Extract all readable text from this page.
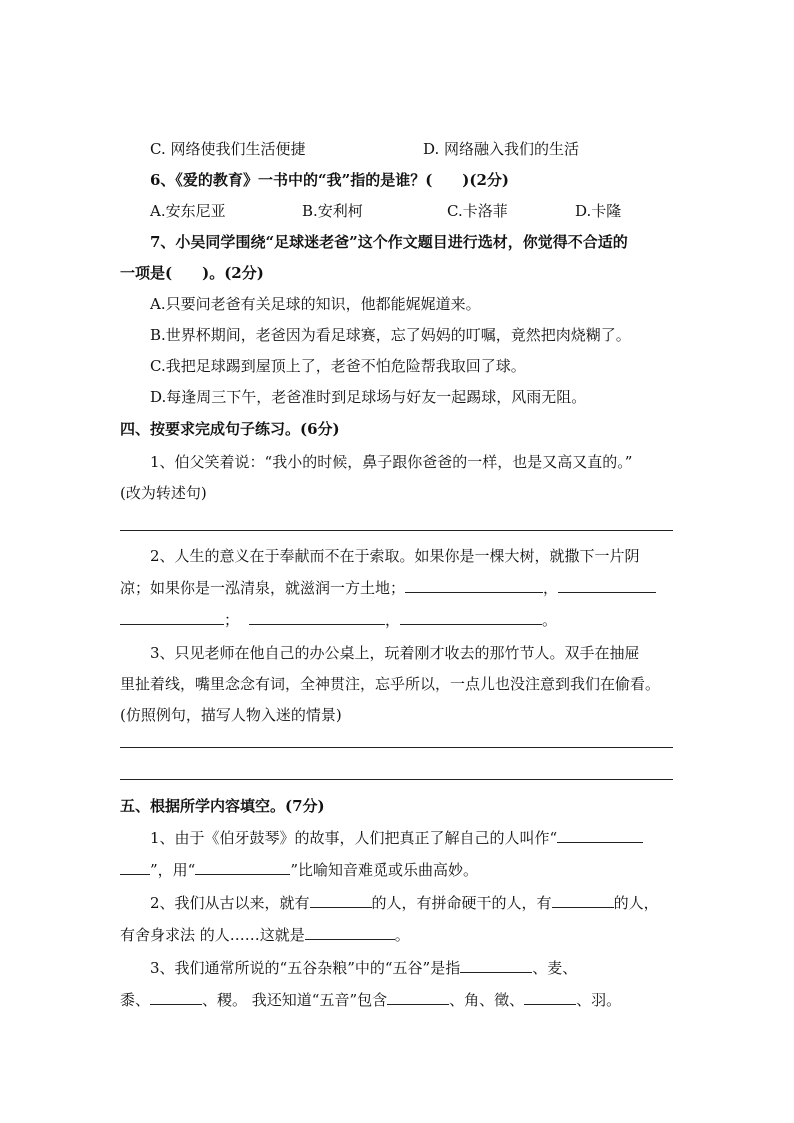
C. 网络使我们生活便捷	D. 网络融入我们的生活
6、《爱的教育》一书中的“我”指的是谁？(　　)(2分)
A.安东尼亚	B.安利柯	C.卡洛菲	D.卡隆
7、小吴同学围绕“足球迷老爸”这个作文题目进行选材，你觉得不合适的
一项是(　　)。(2分)
A.只要问老爸有关足球的知识，他都能娓娓道来。
B.世界杯期间，老爸因为看足球赛，忘了妈妈的叮嘱，竟然把肉烧糊了。
C.我把足球踢到屋顶上了，老爸不怕危险帮我取回了球。
D.每逢周三下午，老爸准时到足球场与好友一起踢球，风雨无阻。
四、按要求完成句子练习。(6分)
1、伯父笑着说：“我小的时候，鼻子跟你爸爸的一样，也是又高又直的。”
(改为转述句)
2、人生的意义在于奉献而不在于索取。如果你是一棵大树，就撒下一片阴
凉；如果你是一泓清泉，就滋润一方土地；	，
；	，	。
3、只见老师在他自己的办公桌上，玩着刚才收去的那竹节人。双手在抽屉
里扯着线，嘴里念念有词，全神贯注，忘乎所以，一点儿也没注意到我们在偷看。
(仿照例句，描写人物入迷的情景)
五、根据所学内容填空。(7分)
1、由于《伯牙鼓琴》的故事，人们把真正了解自己的人叫作“
”，用“	”比喻知音难觅或乐曲高妙。
2、我们从古以来，就有	的人，有拼命硬干的人，有	的人，
有舍身求法 的人……这就是	。
3、我们通常所说的“五谷杂粮”中的“五谷”是指	、麦、
黍、	、稷。 我还知道“五音”包含	、角、徵、	、羽。
